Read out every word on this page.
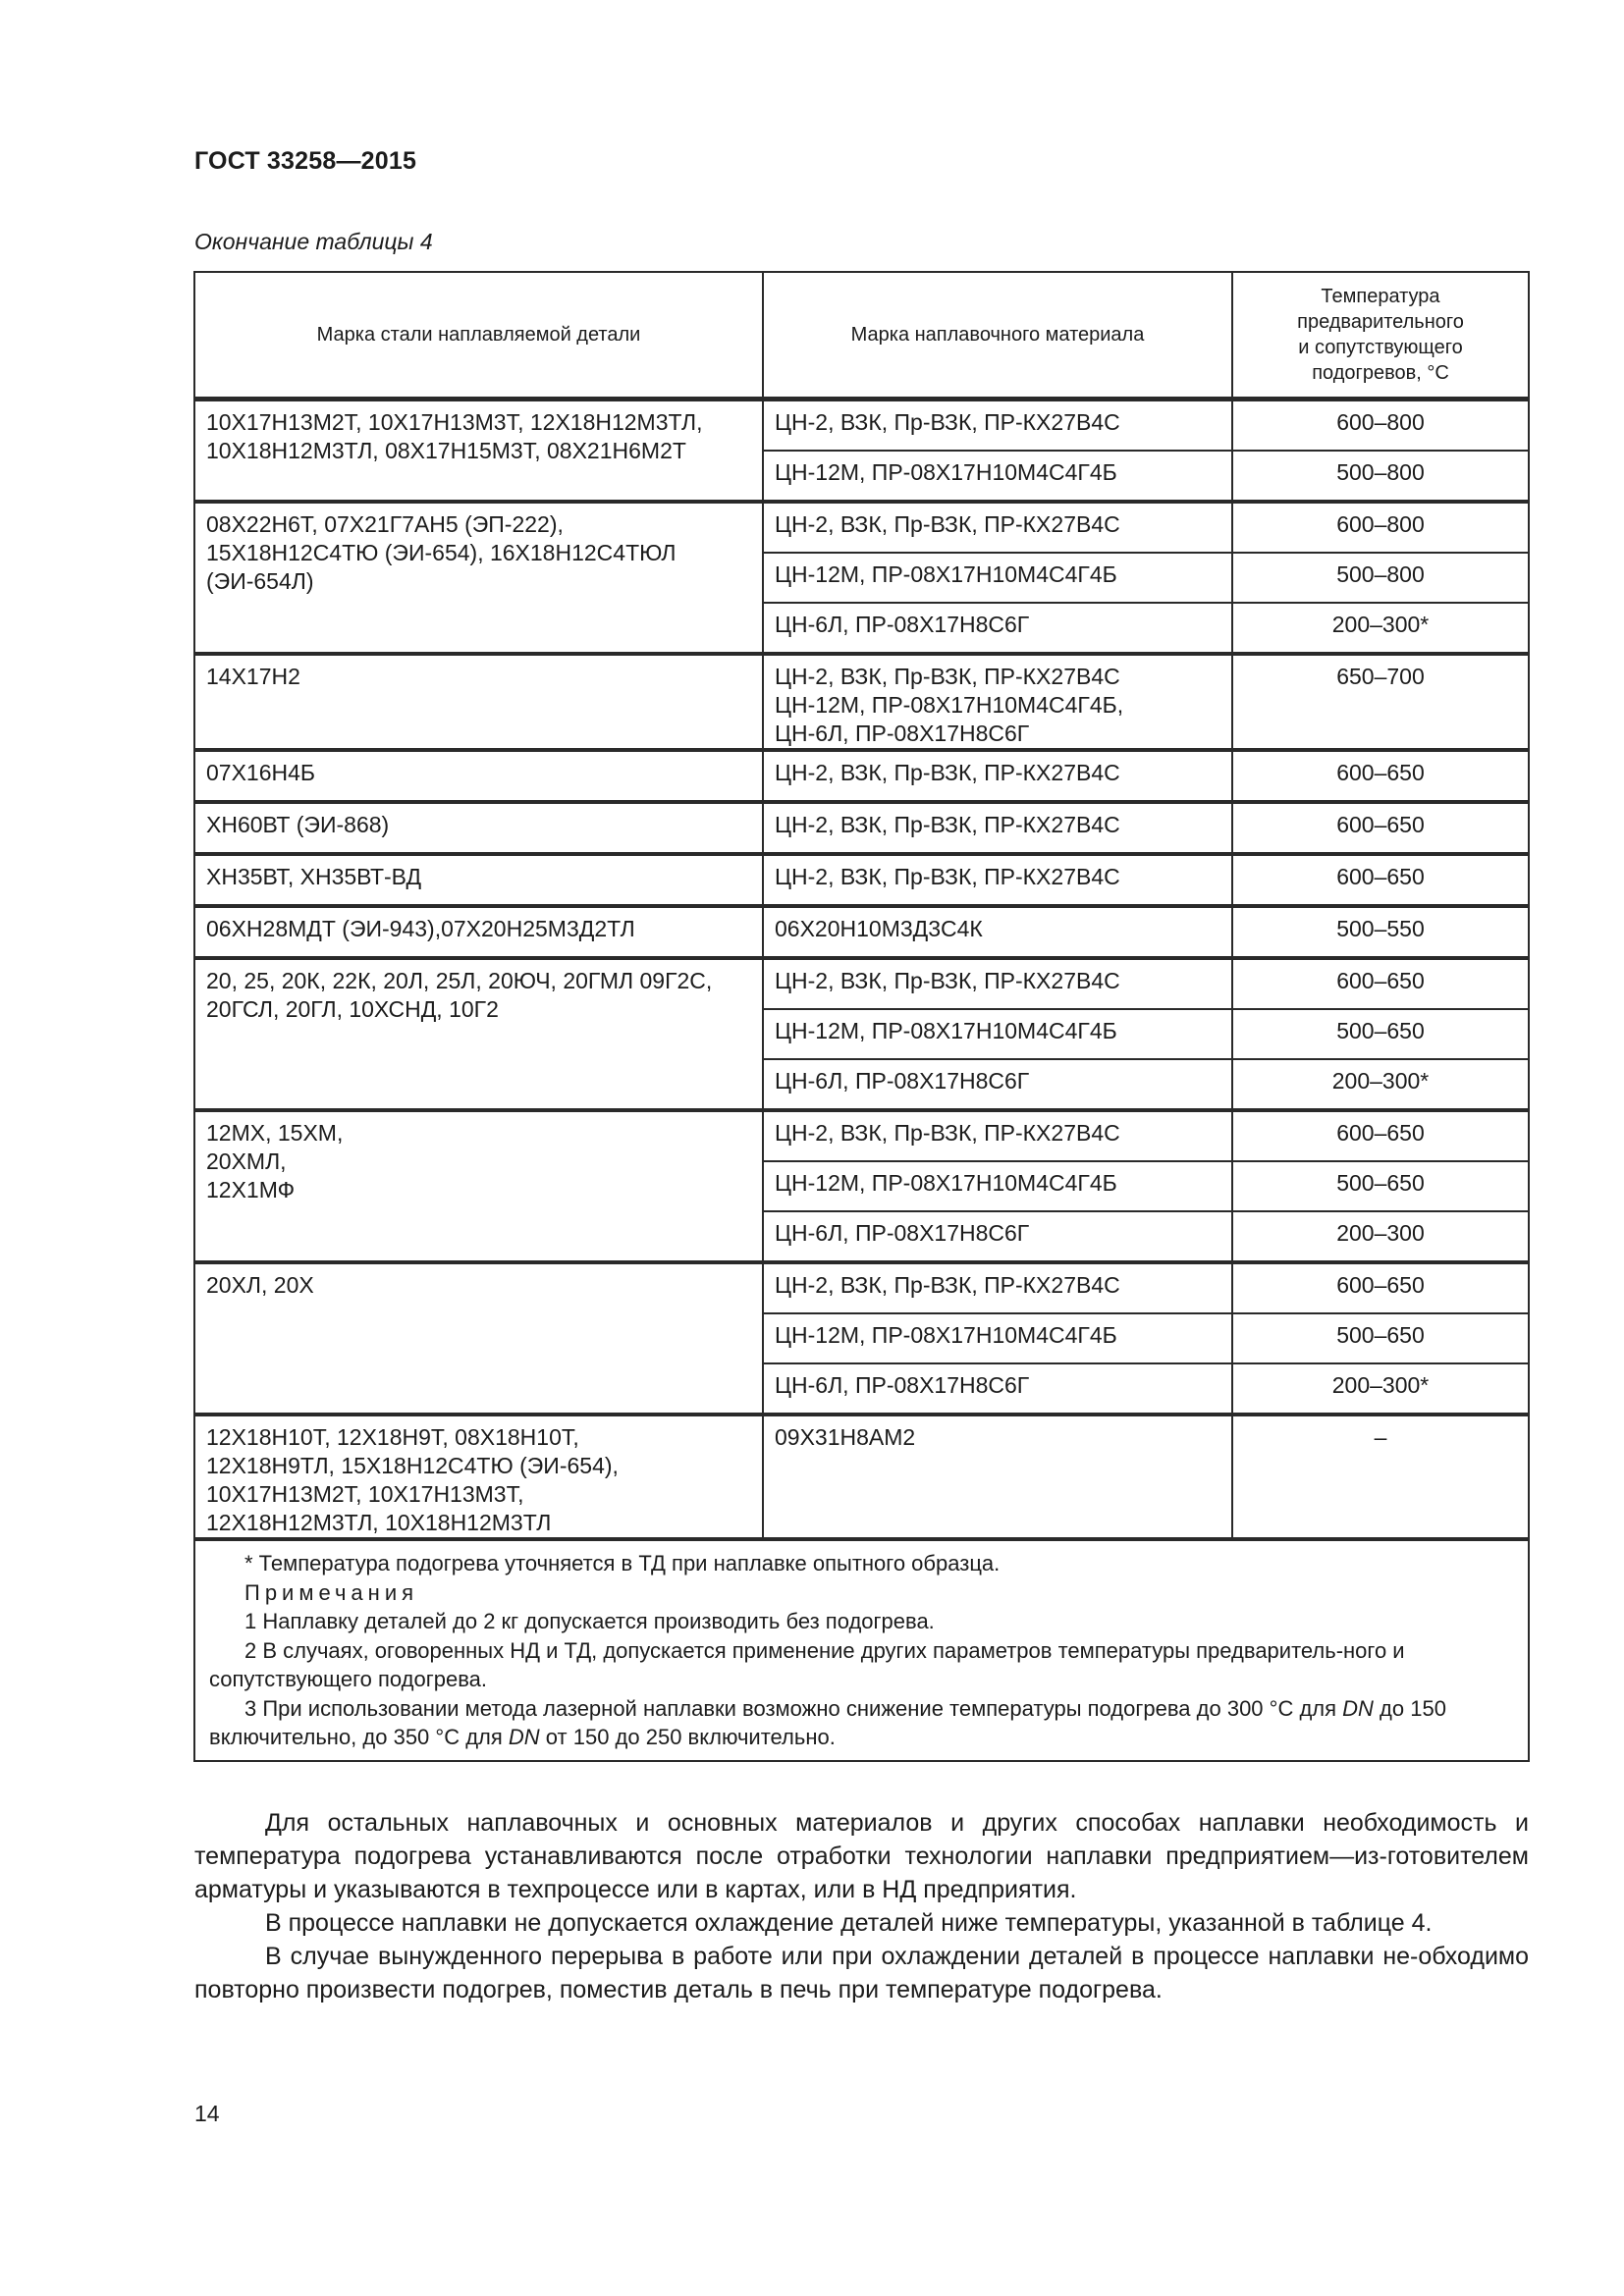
ГОСТ 33258—2015
Окончание таблицы 4
Марка стали наплавляемой детали	Марка наплавочного материала	Температура
предварительного
и сопутствующего
подогревов, °С
10Х17Н13М2Т, 10Х17Н13М3Т, 12Х18Н12М3ТЛ,
10Х18Н12М3ТЛ, 08Х17Н15М3Т, 08Х21Н6М2Т	ЦН-2, ВЗК, Пр-ВЗК, ПР-КХ27В4С	600–800
	ЦН-12М, ПР-08Х17Н10М4С4Г4Б	500–800
08Х22Н6Т, 07Х21Г7АН5 (ЭП-222),
15Х18Н12С4ТЮ (ЭИ-654), 16Х18Н12С4ТЮЛ
(ЭИ-654Л)	ЦН-2, ВЗК, Пр-ВЗК, ПР-КХ27В4С	600–800
	ЦН-12М, ПР-08Х17Н10М4С4Г4Б	500–800
	ЦН-6Л, ПР-08Х17Н8С6Г	200–300*
14Х17Н2	ЦН-2, ВЗК, Пр-ВЗК, ПР-КХ27В4С
ЦН-12М, ПР-08Х17Н10М4С4Г4Б,
ЦН-6Л, ПР-08Х17Н8С6Г	650–700
07Х16Н4Б	ЦН-2, ВЗК, Пр-ВЗК, ПР-КХ27В4С	600–650
ХН60ВТ (ЭИ-868)	ЦН-2, ВЗК, Пр-ВЗК, ПР-КХ27В4С	600–650
ХН35ВТ, ХН35ВТ-ВД	ЦН-2, ВЗК, Пр-ВЗК, ПР-КХ27В4С	600–650
06ХН28МДТ (ЭИ-943),07Х20Н25М3Д2ТЛ	06Х20Н10М3Д3С4К	500–550
20, 25, 20К, 22К, 20Л, 25Л, 20ЮЧ, 20ГМЛ 09Г2С,
20ГСЛ, 20ГЛ, 10ХСНД, 10Г2	ЦН-2, ВЗК, Пр-ВЗК, ПР-КХ27В4С	600–650
	ЦН-12М, ПР-08Х17Н10М4С4Г4Б	500–650
	ЦН-6Л, ПР-08Х17Н8С6Г	200–300*
12МХ, 15ХМ,
20ХМЛ,
12Х1МФ	ЦН-2, ВЗК, Пр-ВЗК, ПР-КХ27В4С	600–650
	ЦН-12М, ПР-08Х17Н10М4С4Г4Б	500–650
	ЦН-6Л, ПР-08Х17Н8С6Г	200–300
20ХЛ, 20Х	ЦН-2, ВЗК, Пр-ВЗК, ПР-КХ27В4С	600–650
	ЦН-12М, ПР-08Х17Н10М4С4Г4Б	500–650
	ЦН-6Л, ПР-08Х17Н8С6Г	200–300*
12Х18Н10Т, 12Х18Н9Т, 08Х18Н10Т,
12Х18Н9ТЛ, 15Х18Н12С4ТЮ (ЭИ-654),
10Х17Н13М2Т, 10Х17Н13М3Т,
12Х18Н12М3ТЛ, 10Х18Н12М3ТЛ	09Х31Н8АМ2	–

* Температура подогрева уточняется в ТД при наплавке опытного образца.
Примечания
1 Наплавку деталей до 2 кг допускается производить без подогрева.
2 В случаях, оговоренных НД и ТД, допускается применение других параметров температуры предваритель-ного и сопутствующего подогрева.
3 При использовании метода лазерной наплавки возможно снижение температуры подогрева до 300 °С для DN до 150 включительно, до 350 °С для DN от 150 до 250 включительно.		

Для остальных наплавочных и основных материалов и других способах наплавки необходимость и температура подогрева устанавливаются после отработки технологии наплавки предприятием—из-готовителем арматуры и указываются в техпроцессе или в картах, или в НД предприятия.

В процессе наплавки не допускается охлаждение деталей ниже температуры, указанной в таблице 4.

В случае вынужденного перерыва в работе или при охлаждении деталей в процессе наплавки не-обходимо повторно произвести подогрев, поместив деталь в печь при температуре подогрева.

14
